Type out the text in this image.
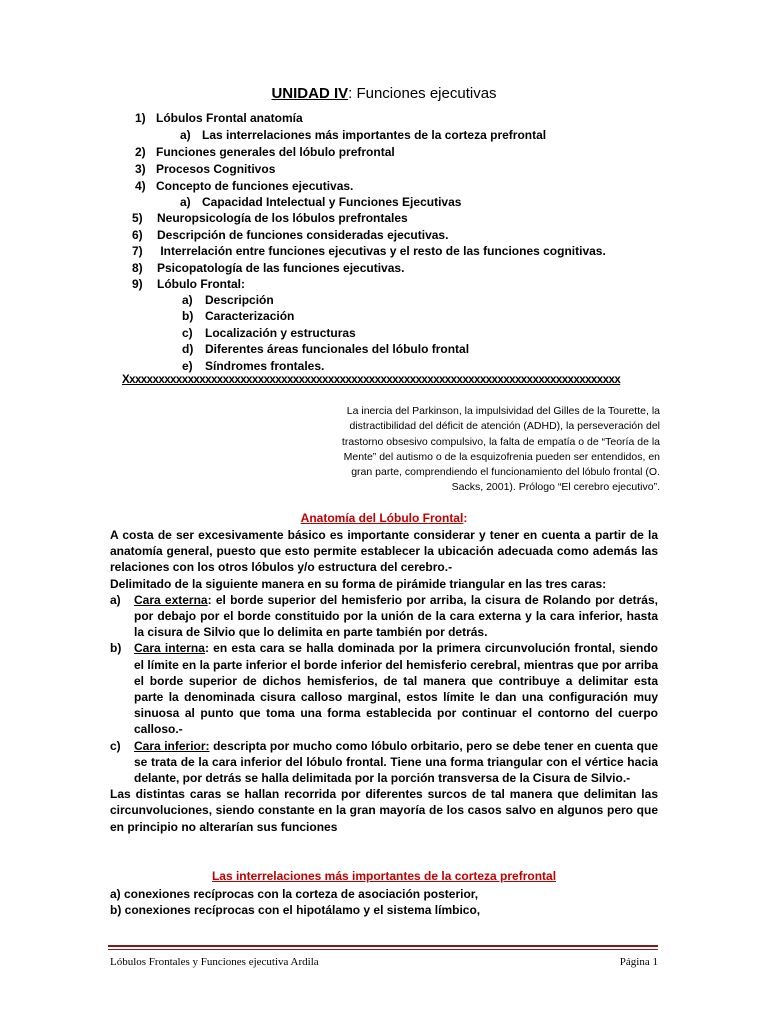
UNIDAD IV: Funciones ejecutivas
1) Lóbulos Frontal anatomía
a) Las interrelaciones más importantes de la corteza prefrontal
2) Funciones generales del lóbulo prefrontal
3) Procesos Cognitivos
4) Concepto de funciones ejecutivas.
a) Capacidad Intelectual y Funciones Ejecutivas
5) Neuropsicología de los lóbulos prefrontales
6) Descripción de funciones consideradas ejecutivas.
7) Interrelación entre funciones ejecutivas y el resto de las funciones cognitivas.
8) Psicopatología de las funciones ejecutivas.
9) Lóbulo Frontal:
a) Descripción
b) Caracterización
c) Localización y estructuras
d) Diferentes áreas funcionales del lóbulo frontal
e) Síndromes frontales.
Xxxxxxxxxxxxxxxxxxxxxxxxxxxxxxxxxxxxxxxxxxxxxxxxxxxxxxxxxxxxxxxxxxxxxxxxxxxxxxxxxxxxx
La inercia del Parkinson, la impulsividad del Gilles de la Tourette, la
distractibilidad del déficit de atención (ADHD), la perseveración del
trastorno obsesivo compulsivo, la falta de empatía o de “Teoría de la
Mente” del autismo o de la esquizofrenia pueden ser entendidos, en
gran parte, comprendiendo el funcionamiento del lóbulo frontal (O.
Sacks, 2001). Prólogo “El cerebro ejecutivo”.
Anatomía del Lóbulo Frontal:

A costa de ser excesivamente básico es importante considerar y tener en cuenta a partir de la anatomía general, puesto que esto permite establecer la ubicación adecuada como además las relaciones con los otros lóbulos y/o estructura del cerebro.-

Delimitado de la siguiente manera en su forma de pirámide triangular en las tres caras:

a) Cara externa: el borde superior del hemisferio por arriba, la cisura de Rolando por detrás, por debajo por el borde constituido por la unión de la cara externa y la cara inferior, hasta la cisura de Silvio que lo delimita en parte también por detrás.
b) Cara interna: en esta cara se halla dominada por la primera circunvolución frontal, siendo el límite en la parte inferior el borde inferior del hemisferio cerebral, mientras que por arriba el borde superior de dichos hemisferios, de tal manera que contribuye a delimitar esta parte la denominada cisura calloso marginal, estos límite le dan una configuración muy sinuosa al punto que toma una forma establecida por continuar el contorno del cuerpo calloso.-
c) Cara inferior: descripta por mucho como lóbulo orbitario, pero se debe tener en cuenta que se trata de la cara inferior del lóbulo frontal. Tiene una forma triangular con el vértice hacia delante, por detrás se halla delimitada por la porción transversa de la Cisura de Silvio.-

Las distintas caras se hallan recorrida por diferentes surcos de tal manera que delimitan las circunvoluciones, siendo constante en la gran mayoría de los casos salvo en algunos pero que en principio no alterarían sus funciones

Las interrelaciones más importantes de la corteza prefrontal
a) conexiones recíprocas con la corteza de asociación posterior,
b) conexiones recíprocas con el hipotálamo y el sistema límbico,
Lóbulos Frontales y Funciones ejecutiva Ardila	Página 1
